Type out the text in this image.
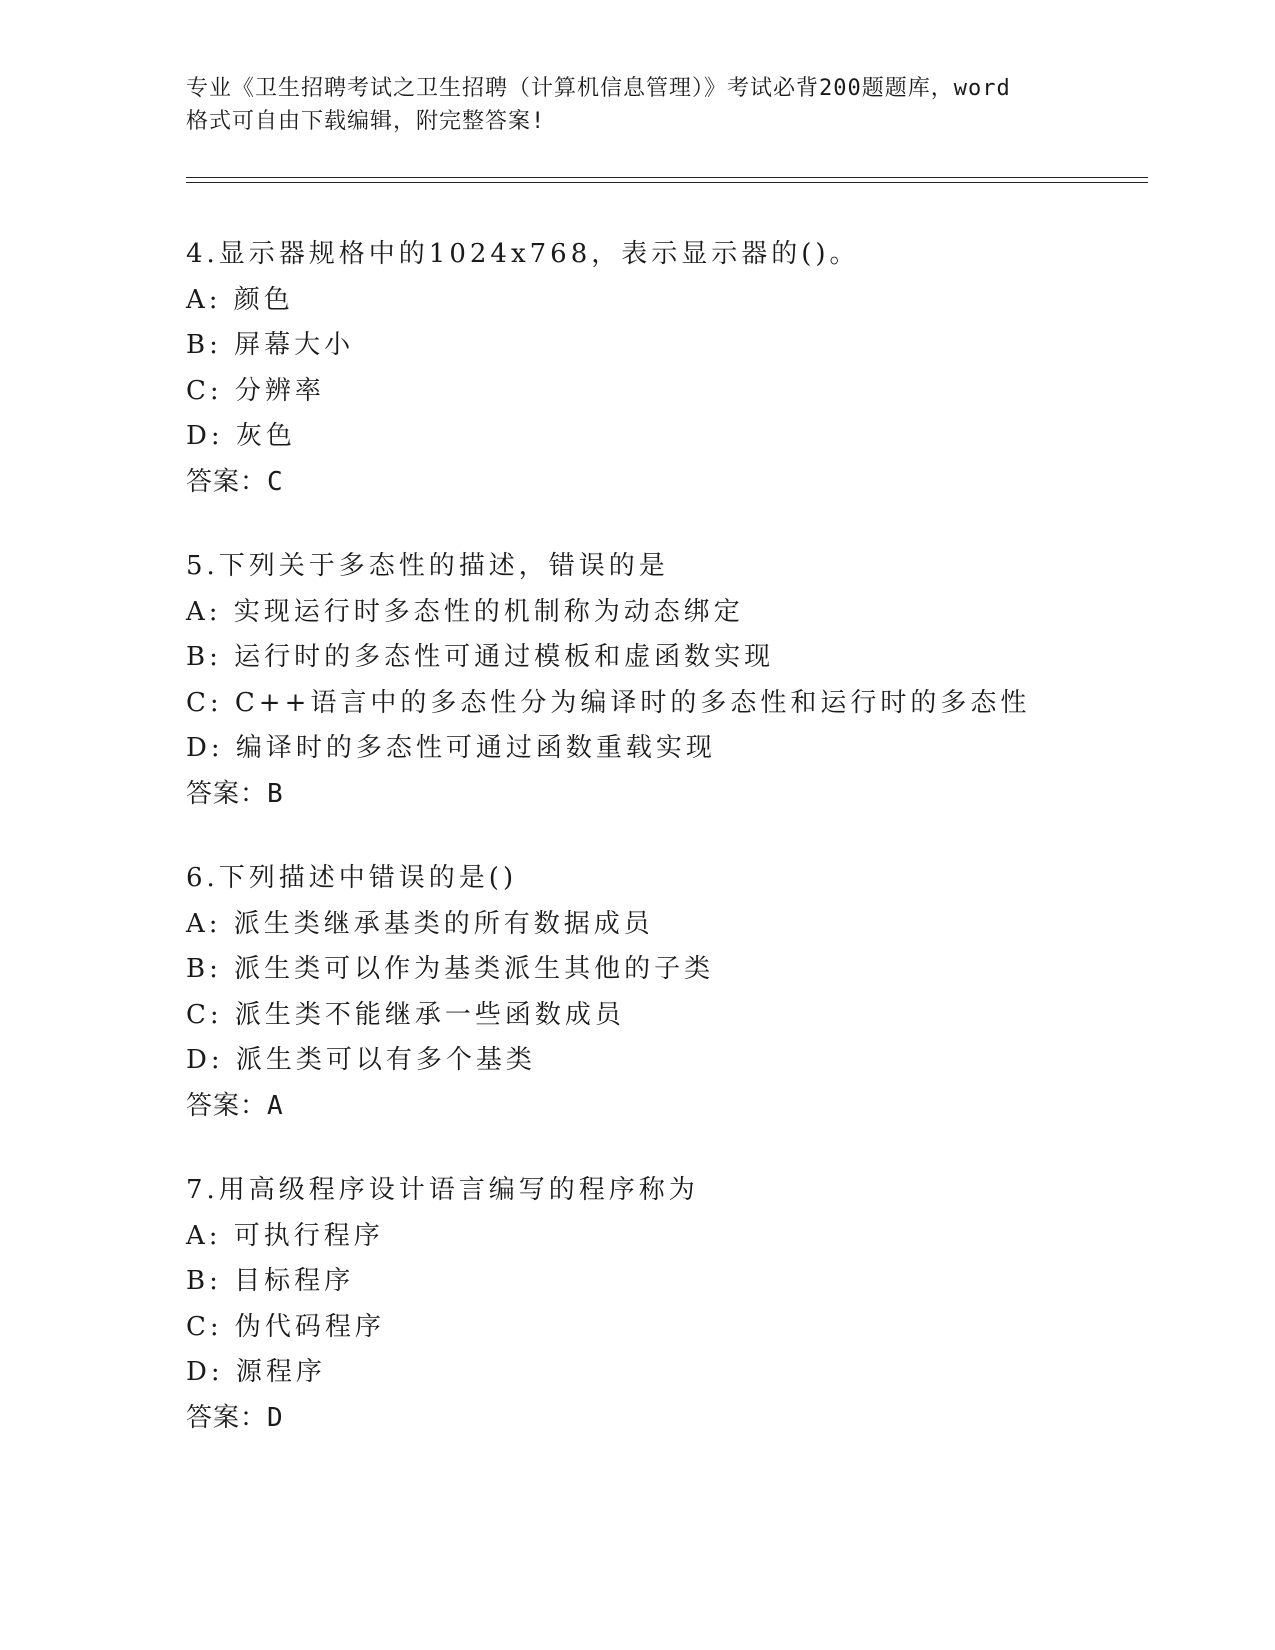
专业《卫生招聘考试之卫生招聘（计算机信息管理）》考试必背200题题库，word
格式可自由下载编辑，附完整答案!
4.显示器规格中的1024x768，表示显示器的()。
A: 颜色
B: 屏幕大小
C: 分辨率
D: 灰色
答案：C
5.下列关于多态性的描述，错误的是
A: 实现运行时多态性的机制称为动态绑定
B: 运行时的多态性可通过模板和虚函数实现
C: C++语言中的多态性分为编译时的多态性和运行时的多态性
D: 编译时的多态性可通过函数重载实现
答案：B
6.下列描述中错误的是()
A: 派生类继承基类的所有数据成员
B: 派生类可以作为基类派生其他的子类
C: 派生类不能继承一些函数成员
D: 派生类可以有多个基类
答案：A
7.用高级程序设计语言编写的程序称为
A: 可执行程序
B: 目标程序
C: 伪代码程序
D: 源程序
答案：D
